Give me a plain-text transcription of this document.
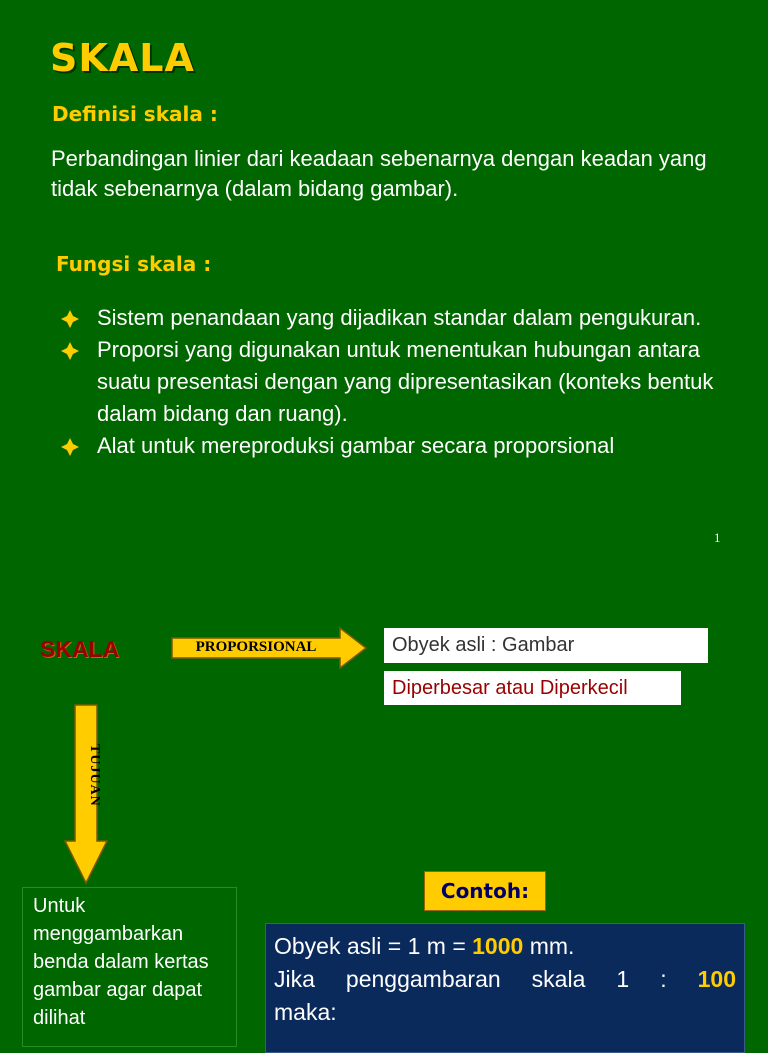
SKALA
Definisi skala :
Perbandingan linier dari keadaan sebenarnya dengan keadan yang tidak sebenarnya (dalam bidang gambar).
Fungsi skala :
Sistem penandaan yang dijadikan standar dalam pengukuran.
Proporsi yang digunakan untuk menentukan hubungan antara suatu presentasi dengan yang dipresentasikan (konteks bentuk dalam bidang dan ruang).
Alat untuk mereproduksi gambar secara proporsional
1
SKALA	PROPORSIONAL	Obyek asli : Gambar
Diperbesar atau Diperkecil
TUJUAN
Untuk menggambarkan benda dalam kertas gambar agar dapat dilihat
Contoh:
Obyek asli = 1 m = 1000 mm.
Jika penggambaran skala 1 : 100
maka:
